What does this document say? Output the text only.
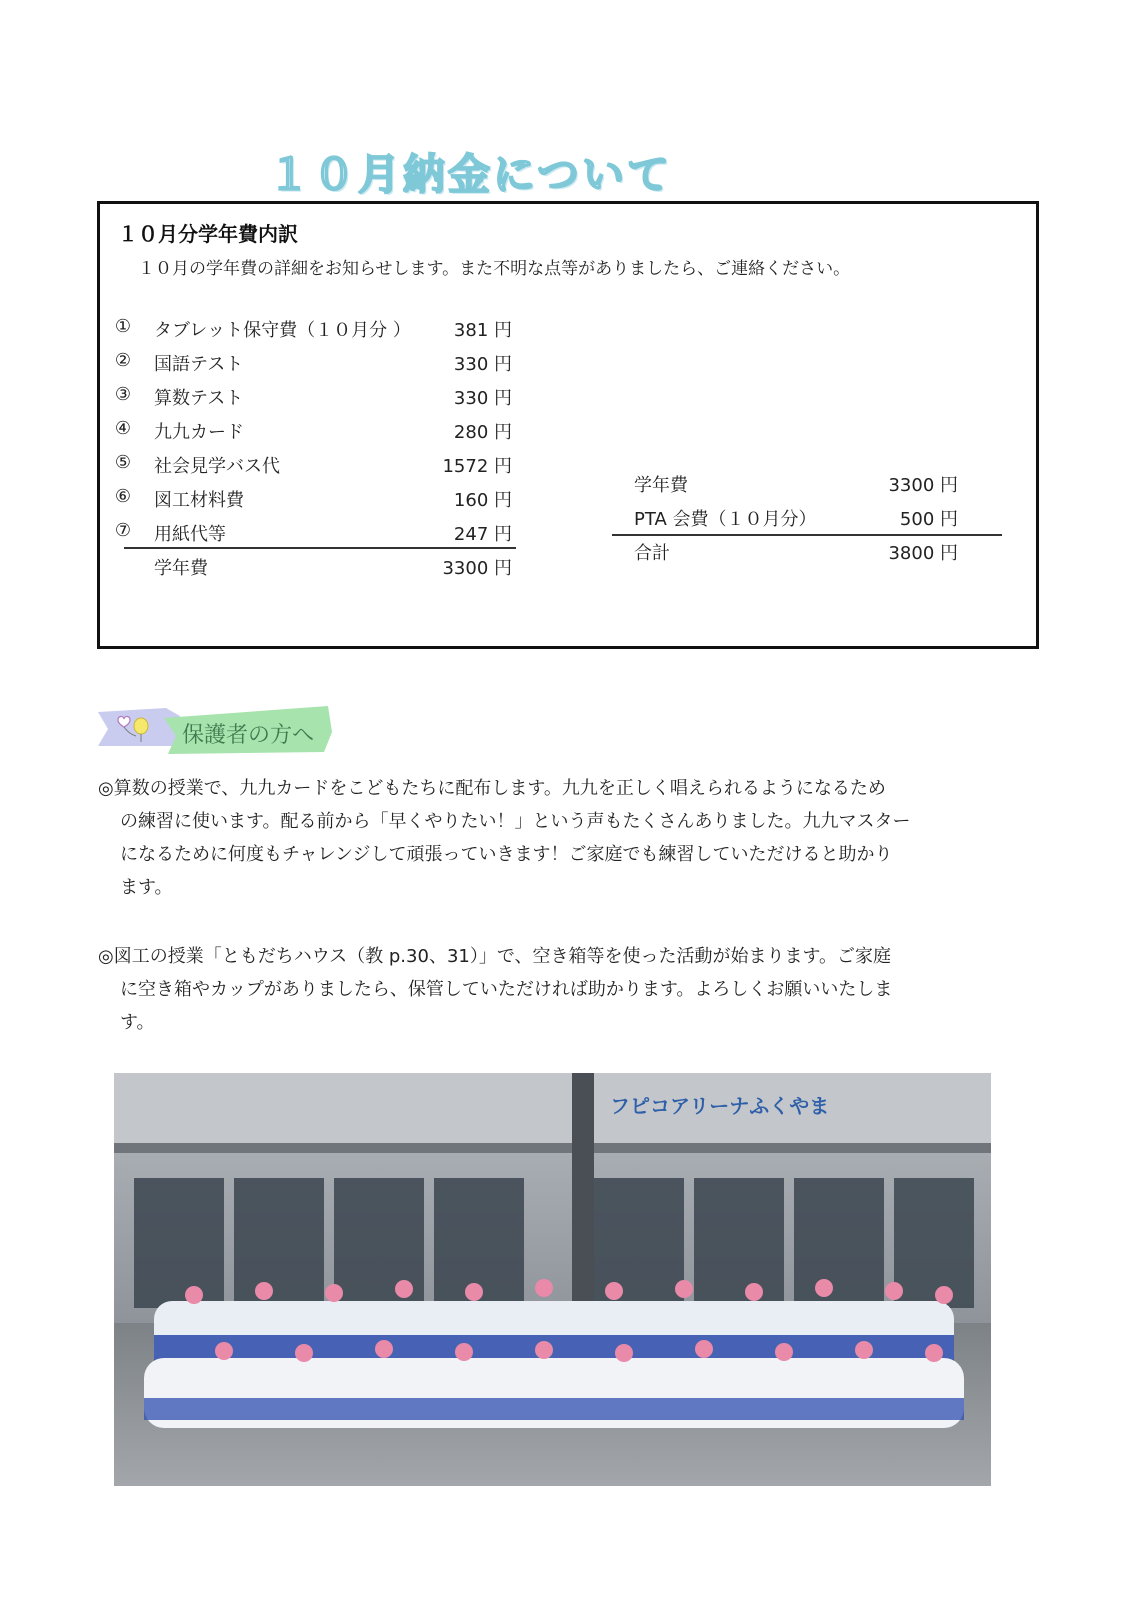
１０月納金について
１０月分学年費内訳
１０月の学年費の詳細をお知らせします。また不明な点等がありましたら、ご連絡ください。
① タブレット保守費（１０月分 ） 381 円
② 国語テスト	330 円
③ 算数テスト	330 円
④ 九九カード	280 円
⑤ 社会見学バス代	1572 円
⑥ 図工材料費	160 円
⑦ 用紙代等	247 円
学年費	3300 円
学年費	3300 円
PTA 会費（１０月分）	500 円
合計	3800 円
保護者の方へ
◎算数の授業で、九九カードをこどもたちに配布します。九九を正しく唱えられるようになるため
の練習に使います。配る前から「早くやりたい！」という声もたくさんありました。九九マスター
になるために何度もチャレンジして頑張っていきます！ご家庭でも練習していただけると助かり
ます。
◎図工の授業「ともだちハウス（教 p.30、31）」で、空き箱等を使った活動が始まります。ご家庭
に空き箱やカップがありましたら、保管していただければ助かります。よろしくお願いいたしま
す。
フピコアリーナふくやま
